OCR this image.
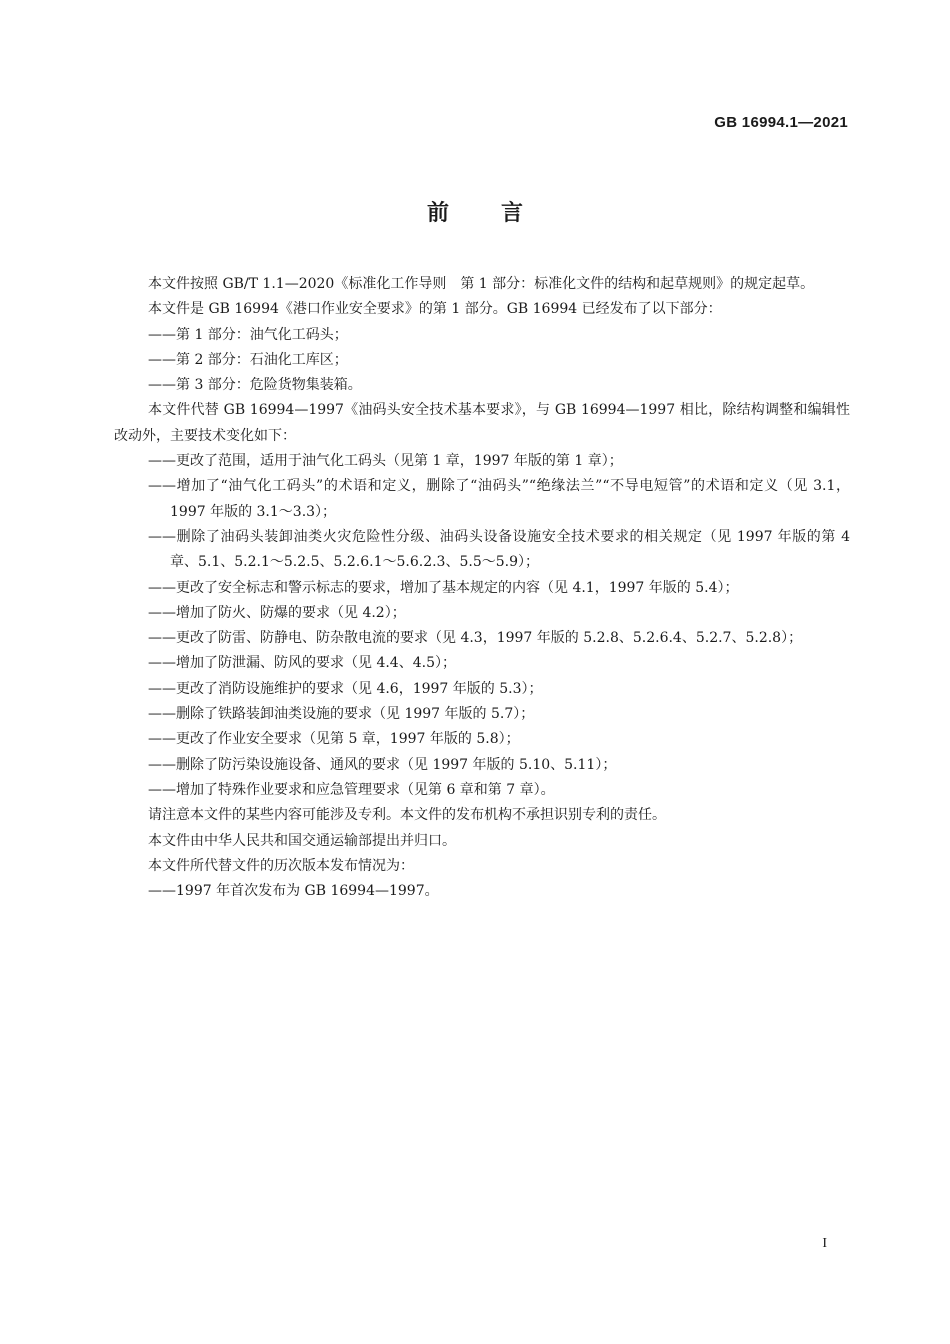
GB 16994.1—2021
前言
本文件按照 GB/T 1.1—2020《标准化工作导则　第 1 部分：标准化文件的结构和起草规则》的规定起草。
本文件是 GB 16994《港口作业安全要求》的第 1 部分。GB 16994 已经发布了以下部分：
——第 1 部分：油气化工码头；
——第 2 部分：石油化工库区；
——第 3 部分：危险货物集装箱。
本文件代替 GB 16994—1997《油码头安全技术基本要求》，与 GB 16994—1997 相比，除结构调整和编辑性改动外，主要技术变化如下：
——更改了范围，适用于油气化工码头（见第 1 章，1997 年版的第 1 章）；
——增加了“油气化工码头”的术语和定义，删除了“油码头”“绝缘法兰”“不导电短管”的术语和定义（见 3.1，1997 年版的 3.1～3.3）；
——删除了油码头装卸油类火灾危险性分级、油码头设备设施安全技术要求的相关规定（见 1997 年版的第 4 章、5.1、5.2.1～5.2.5、5.2.6.1～5.6.2.3、5.5～5.9）；
——更改了安全标志和警示标志的要求，增加了基本规定的内容（见 4.1，1997 年版的 5.4）；
——增加了防火、防爆的要求（见 4.2）；
——更改了防雷、防静电、防杂散电流的要求（见 4.3，1997 年版的 5.2.8、5.2.6.4、5.2.7、5.2.8）；
——增加了防泄漏、防风的要求（见 4.4、4.5）；
——更改了消防设施维护的要求（见 4.6，1997 年版的 5.3）；
——删除了铁路装卸油类设施的要求（见 1997 年版的 5.7）；
——更改了作业安全要求（见第 5 章，1997 年版的 5.8）；
——删除了防污染设施设备、通风的要求（见 1997 年版的 5.10、5.11）；
——增加了特殊作业要求和应急管理要求（见第 6 章和第 7 章）。
请注意本文件的某些内容可能涉及专利。本文件的发布机构不承担识别专利的责任。
本文件由中华人民共和国交通运输部提出并归口。
本文件所代替文件的历次版本发布情况为：
——1997 年首次发布为 GB 16994—1997。
I
